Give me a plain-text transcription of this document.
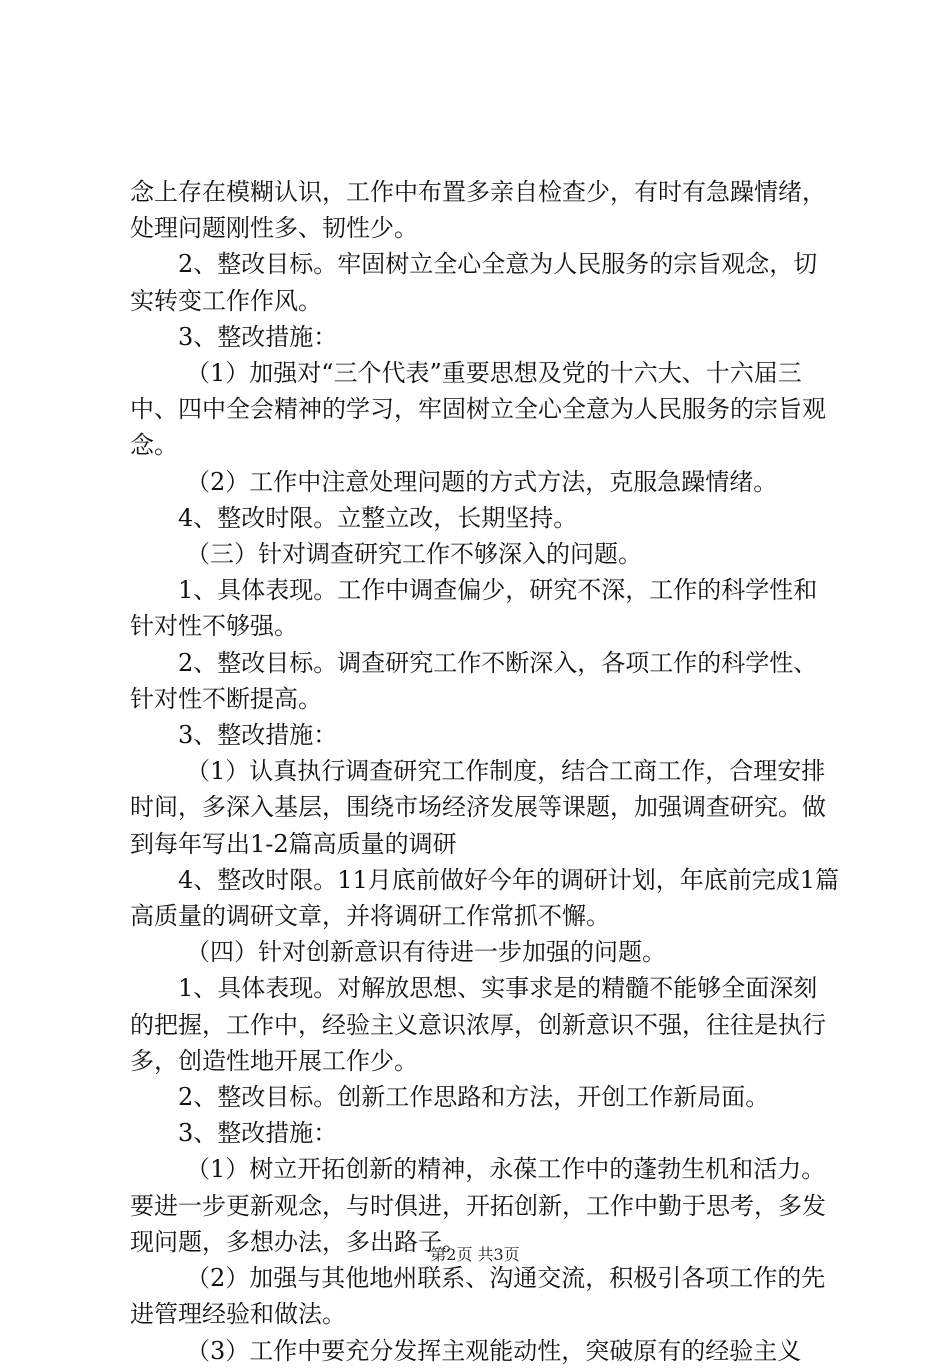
念上存在模糊认识，工作中布置多亲自检查少，有时有急躁情绪，处理问题刚性多、韧性少。

2、整改目标。牢固树立全心全意为人民服务的宗旨观念，切实转变工作作风。

3、整改措施：

（1）加强对“三个代表”重要思想及党的十六大、十六届三中、四中全会精神的学习，牢固树立全心全意为人民服务的宗旨观念。

（2）工作中注意处理问题的方式方法，克服急躁情绪。

4、整改时限。立整立改，长期坚持。

（三）针对调查研究工作不够深入的问题。

1、具体表现。工作中调查偏少，研究不深，工作的科学性和针对性不够强。

2、整改目标。调查研究工作不断深入，各项工作的科学性、针对性不断提高。

3、整改措施：

（1）认真执行调查研究工作制度，结合工商工作，合理安排时间，多深入基层，围绕市场经济发展等课题，加强调查研究。做到每年写出1-2篇高质量的调研

4、整改时限。11月底前做好今年的调研计划，年底前完成1篇高质量的调研文章，并将调研工作常抓不懈。

（四）针对创新意识有待进一步加强的问题。

1、具体表现。对解放思想、实事求是的精髓不能够全面深刻的把握，工作中，经验主义意识浓厚，创新意识不强，往往是执行多，创造性地开展工作少。

2、整改目标。创新工作思路和方法，开创工作新局面。

3、整改措施：

（1）树立开拓创新的精神，永葆工作中的蓬勃生机和活力。要进一步更新观念，与时俱进，开拓创新，工作中勤于思考，多发现问题，多想办法，多出路子。

（2）加强与其他地州联系、沟通交流，积极引各项工作的先进管理经验和做法。

（3）工作中要充分发挥主观能动性，突破原有的经验主义

第2页 共3页
